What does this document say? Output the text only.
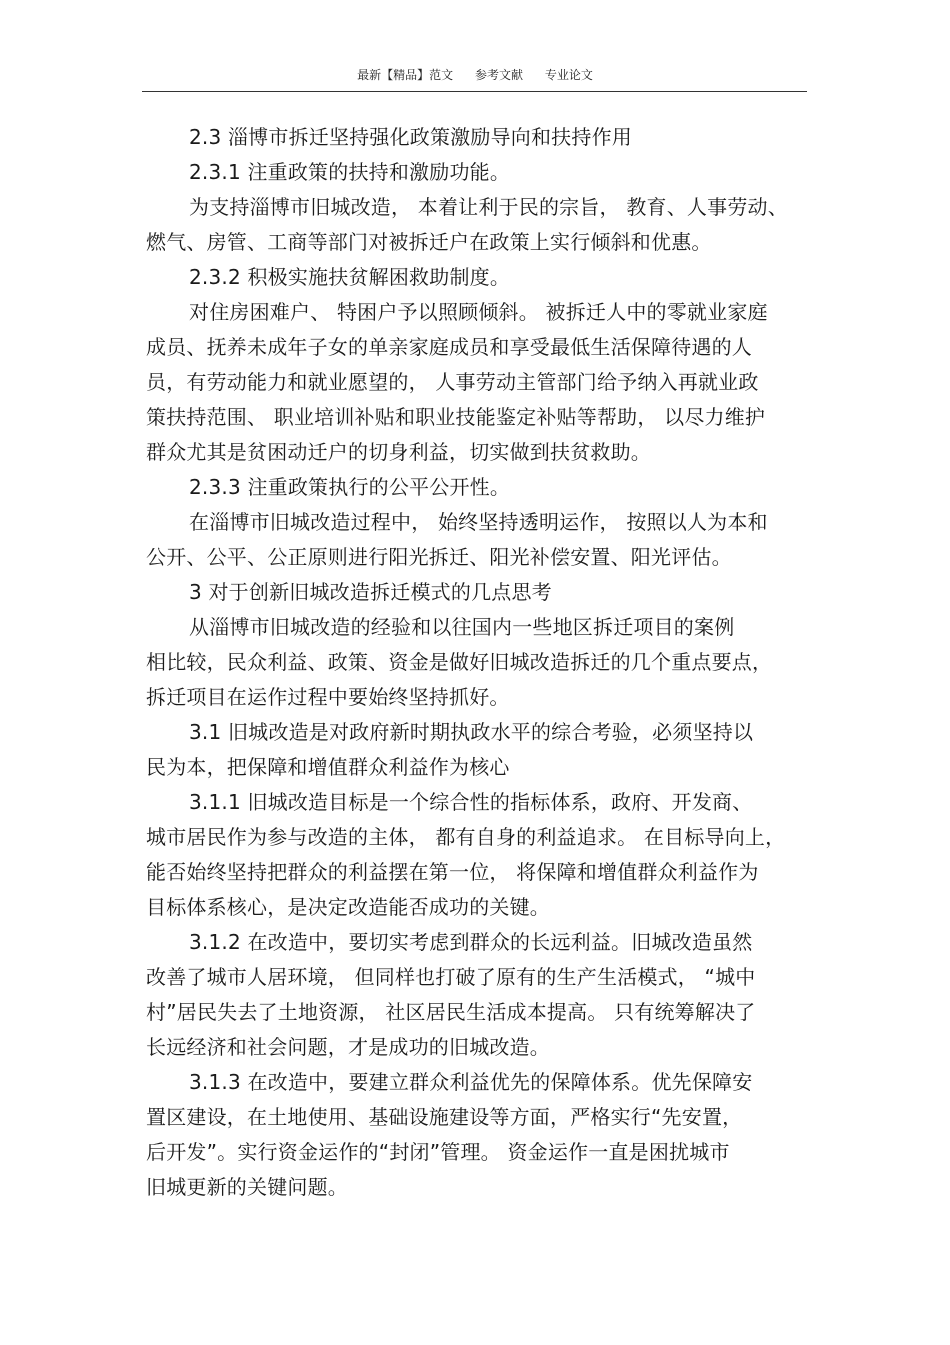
最新【精品】范文 参考文献 专业论文
2.3 淄博市拆迁坚持强化政策激励导向和扶持作用
2.3.1 注重政策的扶持和激励功能。
为支持淄博市旧城改造， 本着让利于民的宗旨， 教育、人事劳动、
燃气、房管、工商等部门对被拆迁户在政策上实行倾斜和优惠。
2.3.2 积极实施扶贫解困救助制度。
对住房困难户、 特困户予以照顾倾斜。 被拆迁人中的零就业家庭
成员、抚养未成年子女的单亲家庭成员和享受最低生活保障待遇的人
员，有劳动能力和就业愿望的， 人事劳动主管部门给予纳入再就业政
策扶持范围、 职业培训补贴和职业技能鉴定补贴等帮助， 以尽力维护
群众尤其是贫困动迁户的切身利益，切实做到扶贫救助。
2.3.3 注重政策执行的公平公开性。
在淄博市旧城改造过程中， 始终坚持透明运作， 按照以人为本和
公开、公平、公正原则进行阳光拆迁、阳光补偿安置、阳光评估。
3 对于创新旧城改造拆迁模式的几点思考
从淄博市旧城改造的经验和以往国内一些地区拆迁项目的案例
相比较，民众利益、政策、资金是做好旧城改造拆迁的几个重点要点，
拆迁项目在运作过程中要始终坚持抓好。
3.1 旧城改造是对政府新时期执政水平的综合考验，必须坚持以
民为本，把保障和增值群众利益作为核心
3.1.1 旧城改造目标是一个综合性的指标体系，政府、开发商、
城市居民作为参与改造的主体， 都有自身的利益追求。 在目标导向上，
能否始终坚持把群众的利益摆在第一位， 将保障和增值群众利益作为
目标体系核心，是决定改造能否成功的关键。
3.1.2 在改造中，要切实考虑到群众的长远利益。旧城改造虽然
改善了城市人居环境， 但同样也打破了原有的生产生活模式， “城中
村”居民失去了土地资源， 社区居民生活成本提高。 只有统筹解决了
长远经济和社会问题，才是成功的旧城改造。
3.1.3 在改造中，要建立群众利益优先的保障体系。优先保障安
置区建设，在土地使用、基础设施建设等方面，严格实行“先安置，
后开发”。实行资金运作的“封闭”管理。 资金运作一直是困扰城市
旧城更新的关键问题。
